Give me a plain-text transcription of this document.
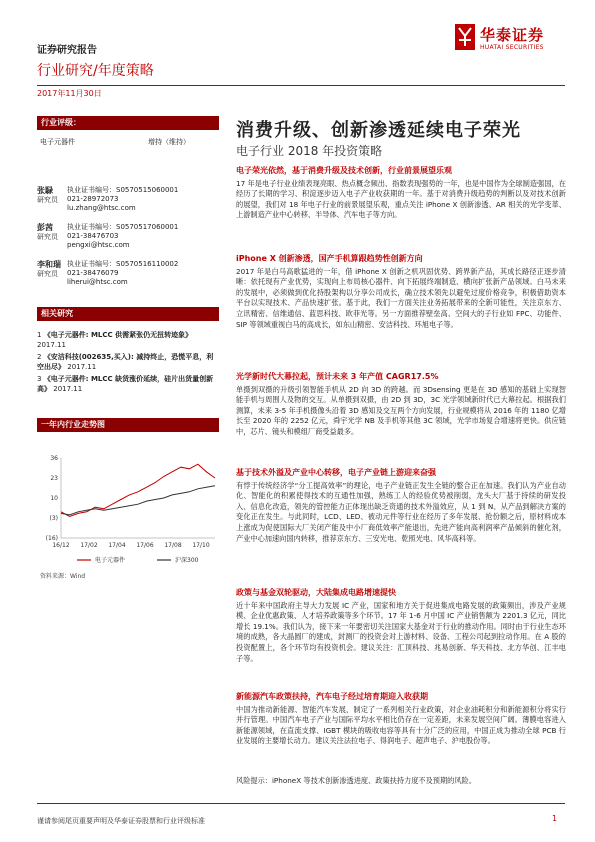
证券研究报告
华泰证券
HUATAI SECURITIES
行业研究/年度策略
2017年11月30日
行业评级：
电子元器件	增持（维持）
张騄
研究员
执业证书编号：S0570515060001
021-28972073
lu.zhang@htsc.com
彭茜
研究员
执业证书编号：S0570517060001
021-38476703
pengxi@htsc.com
李和瑞
研究员
执业证书编号：S0570516110002
021-38476079
liherui@htsc.com
相关研究

1 《电子元器件: MLCC 供需紧张仍无扭转迹象》 2017.11

2 《安洁科技(002635,买入): 减持终止，恐慌平息，利空出尽》 2017.11

3 《电子元器件: MLCC 缺货涨价延续，硅片出货量创新高》 2017.11

一年内行业走势图
36
23
10
(3)
(16)
16/12 17/02 17/04 17/06 17/08 17/10
电子元器件	沪深300
资料来源：Wind
消费升级、创新渗透延续电子荣光
电子行业 2018 年投资策略
电子荣光依然，基于消费升级及技术创新，行业前景展望乐观

17 年是电子行业业绩表现亮眼、热点概念频出、指数表现强势的一年，也是中国作为全球制造强国，在经历了长期的学习、积淀逐步迈入电子产业收获期的一年。基于对消费升级趋势的判断以及对技术创新的展望，我们对 18 年电子行业的前景展望乐观，重点关注 iPhone X 创新渗透、AR 相关的光学变革、上游制造产业中心转移、半导体、汽车电子等方向。

iPhone X 创新渗透，国产手机算跟趋势性创新方向

2017 年是白马高歌猛进的一年，借 iPhone X 创新之机巩固优势、跨界新产品，其成长路径正逐步清晰：依托现有产业优势，实现向上布局核心器件、向下拓展终端制造、横向扩张新产品领域。白马未来的发展中，必须做到优化持股架构以分享公司成长，确立技术领先以避免过度价格竞争，积极借助资本平台以实现技术、产品快速扩张。基于此，我们一方面关注业务拓展带来的全新可能性，关注京东方、立讯精密、信维通信、蓝思科技、欧菲光等。另一方面推荐壁垒高、空间大的子行业如 FPC、功能件、SIP 等领域重视白马的高成长，如东山精密、安洁科技、环旭电子等。

光学新时代大幕拉起，预计未来 3 年产值 CAGR17.5%

单摄到双摄的升级引领智能手机从 2D 向 3D 的跨越。而 3Dsensing 更是在 3D 感知的基础上实现智能手机与周围人及物的交互。从单摄到双摄，由 2D 到 3D，3C 光学领域新时代已大幕拉起。根据我们测算，未来 3-5 年手机摄像头沿着 3D 感知及交互两个方向发展，行业规模将从 2016 年的 1180 亿增长至 2020 年的 2252 亿元，舜宇光学 NB 及手机等其他 3C 领域，光学市场复合增速将更快。供应链中，芯片、镜头和模组厂商受益最多。

基于技术外溢及产业中心转移，电子产业链上游迎来奋强

有悖于传统经济学“分工提高效率”的理论，电子产业链正发生全链的整合正在加速。我们认为产业自动化、智能化的积累使得技术的互通性加强，熟练工人的经验优势被削弱，龙头大厂基于持续的研发投入、信息化改造，领先的管控能力正体现出缺乏资通的技术外溢效应，从 1 到 N、从产品到解决方案的变化正在发生。与此同时，LCD、LED、被动元件等行业在经历了多年发展、抢份额之后，原材料成本上涨成为促使国际大厂关闭产能及中小厂商低效率产能退出，先进产能向高利润率产品倾斜的催化剂，产业中心加速向国内转移，推荐京东方、三安光电、乾照光电、风华高科等。

政策与基金双轮驱动，大陆集成电路增速提快

近十年来中国政府主导大力发展 IC 产业，国家和地方关于促进集成电路发展的政策频出，涉及产业规模、企业优惠政策、人才培养政策等多个环节。17 年 1-6 月中国 IC 产业销售额为 2201.3 亿元，同比增长 19.1%。我们认为，接下来一年要密切关注国家大基金对于行业的推动作用。同时由于行业生态环境的成熟，各大晶圆厂的建成，封测厂的投资会对上游材料、设备、工程公司起到拉动作用。在 A 股的投资配置上，各个环节均有投资机会。建议关注：汇顶科技、兆易创新、华天科技、北方华创、江丰电子等。

新能源汽车政策扶持，汽车电子经过培育期迎入收获期

中国为推动新能源、智能汽车发展，制定了一系列相关行业政策，对企业油耗积分和新能源积分将实行并行管理。中国汽车电子产业与国际平均水平相比仍存在一定差距，未来发展空间广阔。薄膜电容进入新能源领域，在直流支撑、IGBT 模块的吸收电容等具有十分广泛的应用，中国正成为推动全球 PCB 行业发展的主要增长动力。建议关注法拉电子、得润电子、超声电子、沪电股份等。

风险提示：iPhoneX 等技术创新渗透进度、政策扶持力度不及预期的风险。
谨请参阅尾页重要声明及华泰证券股票和行业评级标准	1
